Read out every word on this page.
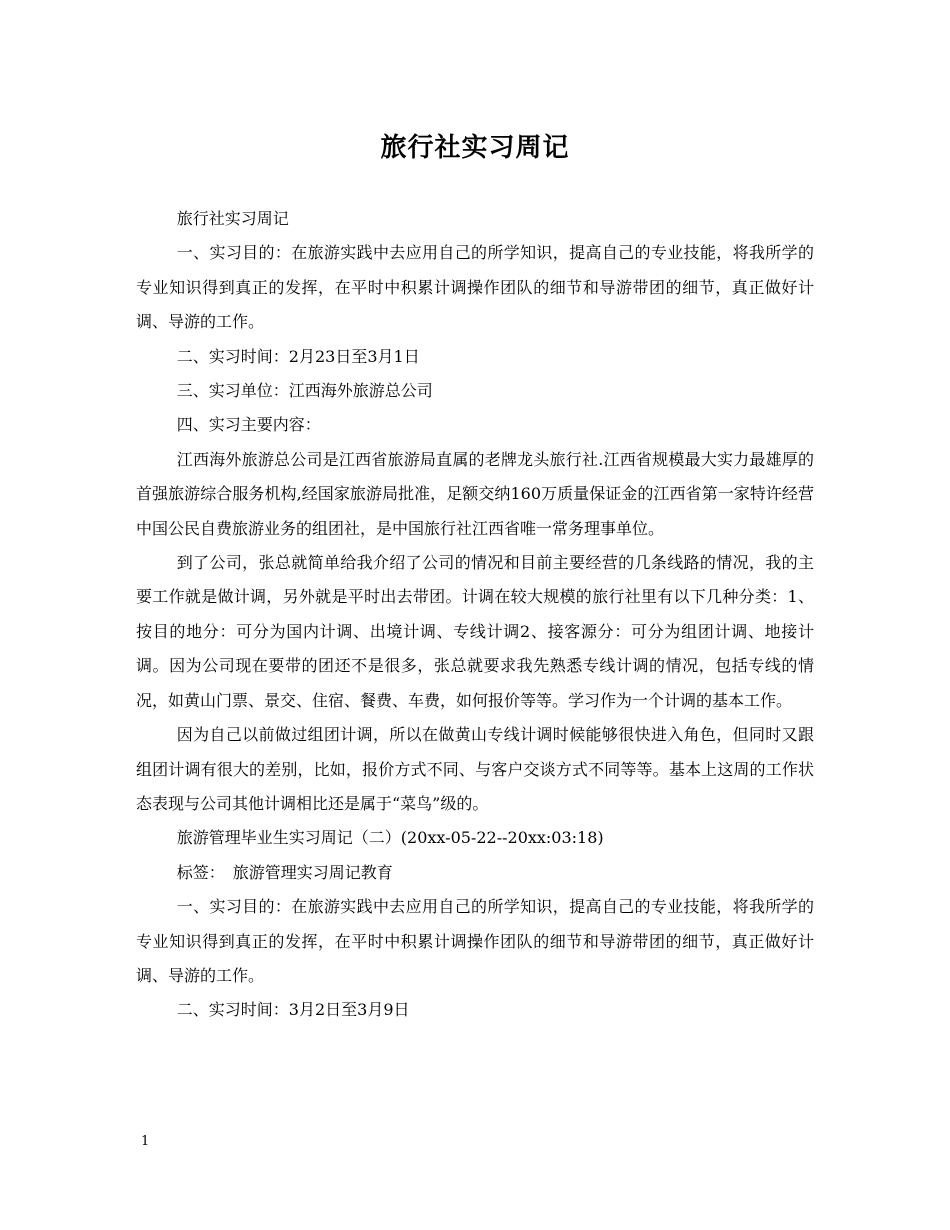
旅行社实习周记

旅行社实习周记

一、实习目的：在旅游实践中去应用自己的所学知识，提高自己的专业技能，将我所学的专业知识得到真正的发挥，在平时中积累计调操作团队的细节和导游带团的细节，真正做好计调、导游的工作。

二、实习时间：2月23日至3月1日

三、实习单位：江西海外旅游总公司

四、实习主要内容：

江西海外旅游总公司是江西省旅游局直属的老牌龙头旅行社.江西省规模最大实力最雄厚的首强旅游综合服务机构,经国家旅游局批准，足额交纳160万质量保证金的江西省第一家特许经营中国公民自费旅游业务的组团社，是中国旅行社江西省唯一常务理事单位。

到了公司，张总就简单给我介绍了公司的情况和目前主要经营的几条线路的情况，我的主要工作就是做计调，另外就是平时出去带团。计调在较大规模的旅行社里有以下几种分类：1、按目的地分：可分为国内计调、出境计调、专线计调2、接客源分：可分为组团计调、地接计调。因为公司现在要带的团还不是很多，张总就要求我先熟悉专线计调的情况，包括专线的情况，如黄山门票、景交、住宿、餐费、车费，如何报价等等。学习作为一个计调的基本工作。

因为自己以前做过组团计调，所以在做黄山专线计调时候能够很快进入角色，但同时又跟组团计调有很大的差别，比如，报价方式不同、与客户交谈方式不同等等。基本上这周的工作状态表现与公司其他计调相比还是属于“菜鸟”级的。

旅游管理毕业生实习周记（二）(20xx-05-22--20xx:03:18)

标签：　旅游管理实习周记教育

一、实习目的：在旅游实践中去应用自己的所学知识，提高自己的专业技能，将我所学的专业知识得到真正的发挥，在平时中积累计调操作团队的细节和导游带团的细节，真正做好计调、导游的工作。

二、实习时间：3月2日至3月9日

1
